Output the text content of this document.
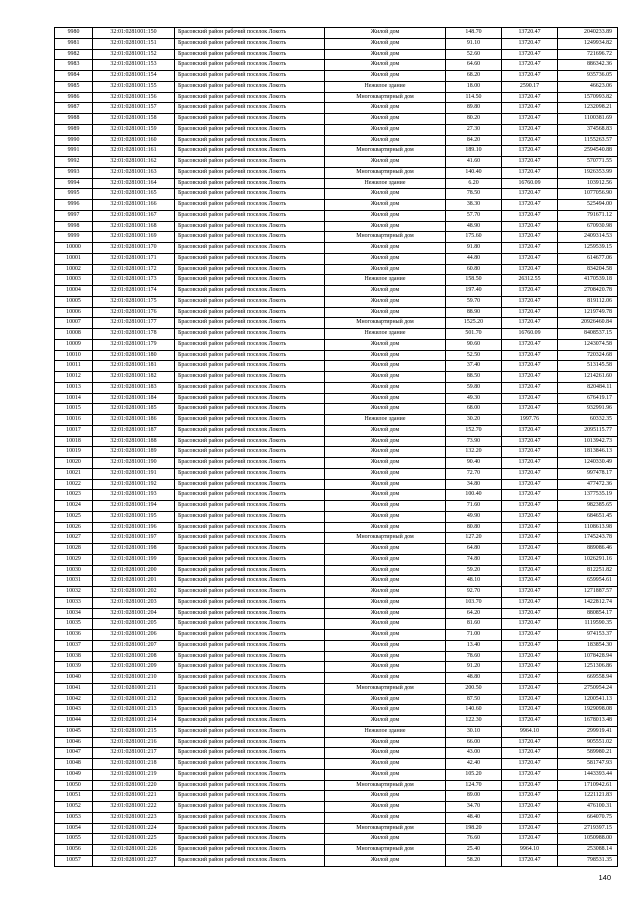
9980	32:01:0281001:150	Брасовский район рабочий поселок Локоть	Жилой дом	148.70	13720.47	2040233.89
9981	32:01:0281001:151	Брасовский район рабочий поселок Локоть	Жилой дом	91.10	13720.47	1249934.82
9982	32:01:0281001:152	Брасовский район рабочий поселок Локоть	Жилой дом	52.60	13720.47	721696.72
9983	32:01:0281001:153	Брасовский район рабочий поселок Локоть	Жилой дом	64.60	13720.47	886342.36
9984	32:01:0281001:154	Брасовский район рабочий поселок Локоть	Жилой дом	68.20	13720.47	935736.05
9985	32:01:0281001:155	Брасовский район рабочий поселок Локоть	Нежилое здание	18.00	2590.17	46623.06
9986	32:01:0281001:156	Брасовский район рабочий поселок Локоть	Многоквартирный дом	114.50	13720.47	1570993.82
9987	32:01:0281001:157	Брасовский район рабочий поселок Локоть	Жилой дом	89.80	13720.47	1232098.21
9988	32:01:0281001:158	Брасовский район рабочий поселок Локоть	Жилой дом	80.20	13720.47	1100381.69
9989	32:01:0281001:159	Брасовский район рабочий поселок Локоть	Жилой дом	27.30	13720.47	374568.83
9990	32:01:0281001:160	Брасовский район рабочий поселок Локоть	Жилой дом	84.20	13720.47	1155263.57
9991	32:01:0281001:161	Брасовский район рабочий поселок Локоть	Многоквартирный дом	189.10	13720.47	2594540.88
9992	32:01:0281001:162	Брасовский район рабочий поселок Локоть	Жилой дом	41.60	13720.47	570771.55
9993	32:01:0281001:163	Брасовский район рабочий поселок Локоть	Многоквартирный дом	140.40	13720.47	1926353.99
9994	32:01:0281001:164	Брасовский район рабочий поселок Локоть	Нежилое здание	6.20	16760.09	103912.56
9995	32:01:0281001:165	Брасовский район рабочий поселок Локоть	Жилой дом	78.50	13720.47	1077056.90
9996	32:01:0281001:166	Брасовский район рабочий поселок Локоть	Жилой дом	38.30	13720.47	525494.00
9997	32:01:0281001:167	Брасовский район рабочий поселок Локоть	Жилой дом	57.70	13720.47	791671.12
9998	32:01:0281001:168	Брасовский район рабочий поселок Локоть	Жилой дом	48.90	13720.47	670930.98
9999	32:01:0281001:169	Брасовский район рабочий поселок Локоть	Многоквартирный дом	175.60	13720.47	2409314.53
10000	32:01:0281001:170	Брасовский район рабочий поселок Локоть	Жилой дом	91.80	13720.47	1259539.15
10001	32:01:0281001:171	Брасовский район рабочий поселок Локоть	Жилой дом	44.80	13720.47	614677.06
10002	32:01:0281001:172	Брасовский район рабочий поселок Локоть	Жилой дом	60.80	13720.47	834204.58
10003	32:01:0281001:173	Брасовский район рабочий поселок Локоть	Нежилое здание	158.50	26312.55	4170539.18
10004	32:01:0281001:174	Брасовский район рабочий поселок Локоть	Жилой дом	197.40	13720.47	2708420.78
10005	32:01:0281001:175	Брасовский район рабочий поселок Локоть	Жилой дом	59.70	13720.47	819112.06
10006	32:01:0281001:176	Брасовский район рабочий поселок Локоть	Жилой дом	88.90	13720.47	1219749.78
10007	32:01:0281001:177	Брасовский район рабочий поселок Локоть	Многоквартирный дом	1525.20	13720.47	20926460.84
10008	32:01:0281001:178	Брасовский район рабочий поселок Локоть	Нежилое здание	501.70	16760.09	8408537.15
10009	32:01:0281001:179	Брасовский район рабочий поселок Локоть	Жилой дом	90.60	13720.47	1243074.58
10010	32:01:0281001:180	Брасовский район рабочий поселок Локоть	Жилой дом	52.50	13720.47	720324.68
10011	32:01:0281001:181	Брасовский район рабочий поселок Локоть	Жилой дом	37.40	13720.47	513145.58
10012	32:01:0281001:182	Брасовский район рабочий поселок Локоть	Жилой дом	88.50	13720.47	1214261.60
10013	32:01:0281001:183	Брасовский район рабочий поселок Локоть	Жилой дом	59.80	13720.47	820484.11
10014	32:01:0281001:184	Брасовский район рабочий поселок Локоть	Жилой дом	49.30	13720.47	676419.17
10015	32:01:0281001:185	Брасовский район рабочий поселок Локоть	Жилой дом	68.00	13720.47	932991.96
10016	32:01:0281001:186	Брасовский район рабочий поселок Локоть	Нежилое здание	30.20	1997.76	60332.35
10017	32:01:0281001:187	Брасовский район рабочий поселок Локоть	Жилой дом	152.70	13720.47	2095115.77
10018	32:01:0281001:188	Брасовский район рабочий поселок Локоть	Жилой дом	73.90	13720.47	1013942.73
10019	32:01:0281001:189	Брасовский район рабочий поселок Локоть	Жилой дом	132.20	13720.47	1813846.13
10020	32:01:0281001:190	Брасовский район рабочий поселок Локоть	Жилой дом	90.40	13720.47	1240330.49
10021	32:01:0281001:191	Брасовский район рабочий поселок Локоть	Жилой дом	72.70	13720.47	997478.17
10022	32:01:0281001:192	Брасовский район рабочий поселок Локоть	Жилой дом	34.80	13720.47	477472.36
10023	32:01:0281001:193	Брасовский район рабочий поселок Локоть	Жилой дом	100.40	13720.47	1377535.19
10024	32:01:0281001:194	Брасовский район рабочий поселок Локоть	Жилой дом	71.60	13720.47	982385.65
10025	32:01:0281001:195	Брасовский район рабочий поселок Локоть	Жилой дом	49.90	13720.47	684651.45
10026	32:01:0281001:196	Брасовский район рабочий поселок Локоть	Жилой дом	80.80	13720.47	1108613.98
10027	32:01:0281001:197	Брасовский район рабочий поселок Локоть	Многоквартирный дом	127.20	13720.47	1745243.78
10028	32:01:0281001:198	Брасовский район рабочий поселок Локоть	Жилой дом	64.80	13720.47	889086.46
10029	32:01:0281001:199	Брасовский район рабочий поселок Локоть	Жилой дом	74.80	13720.47	1026291.16
10030	32:01:0281001:200	Брасовский район рабочий поселок Локоть	Жилой дом	59.20	13720.47	812251.82
10031	32:01:0281001:201	Брасовский район рабочий поселок Локоть	Жилой дом	48.10	13720.47	659954.61
10032	32:01:0281001:202	Брасовский район рабочий поселок Локоть	Жилой дом	92.70	13720.47	1271887.57
10033	32:01:0281001:203	Брасовский район рабочий поселок Локоть	Жилой дом	103.70	13720.47	1422812.74
10034	32:01:0281001:204	Брасовский район рабочий поселок Локоть	Жилой дом	64.20	13720.47	880854.17
10035	32:01:0281001:205	Брасовский район рабочий поселок Локоть	Жилой дом	81.60	13720.47	1119590.35
10036	32:01:0281001:206	Брасовский район рабочий поселок Локоть	Жилой дом	71.00	13720.47	974153.37
10037	32:01:0281001:207	Брасовский район рабочий поселок Локоть	Жилой дом	13.40	13720.47	183854.30
10038	32:01:0281001:208	Брасовский район рабочий поселок Локоть	Жилой дом	78.60	13720.47	1078428.94
10039	32:01:0281001:209	Брасовский район рабочий поселок Локоть	Жилой дом	91.20	13720.47	1251306.86
10040	32:01:0281001:210	Брасовский район рабочий поселок Локоть	Жилой дом	48.80	13720.47	669558.94
10041	32:01:0281001:211	Брасовский район рабочий поселок Локоть	Многоквартирный дом	200.50	13720.47	2750954.24
10042	32:01:0281001:212	Брасовский район рабочий поселок Локоть	Жилой дом	87.50	13720.47	1200541.13
10043	32:01:0281001:213	Брасовский район рабочий поселок Локоть	Жилой дом	140.60	13720.47	1929098.08
10044	32:01:0281001:214	Брасовский район рабочий поселок Локоть	Жилой дом	122.30	13720.47	1678013.48
10045	32:01:0281001:215	Брасовский район рабочий поселок Локоть	Нежилое здание	30.10	9964.10	299919.41
10046	32:01:0281001:216	Брасовский район рабочий поселок Локоть	Жилой дом	66.00	13720.47	905551.02
10047	32:01:0281001:217	Брасовский район рабочий поселок Локоть	Жилой дом	43.00	13720.47	589980.21
10048	32:01:0281001:218	Брасовский район рабочий поселок Локоть	Жилой дом	42.40	13720.47	581747.93
10049	32:01:0281001:219	Брасовский район рабочий поселок Локоть	Жилой дом	105.20	13720.47	1443393.44
10050	32:01:0281001:220	Брасовский район рабочий поселок Локоть	Многоквартирный дом	124.70	13720.47	1710942.61
10051	32:01:0281001:221	Брасовский район рабочий поселок Локоть	Жилой дом	89.00	13720.47	1221121.83
10052	32:01:0281001:222	Брасовский район рабочий поселок Локоть	Жилой дом	34.70	13720.47	476100.31
10053	32:01:0281001:223	Брасовский район рабочий поселок Локоть	Жилой дом	48.40	13720.47	664070.75
10054	32:01:0281001:224	Брасовский район рабочий поселок Локоть	Многоквартирный дом	198.20	13720.47	2719397.15
10055	32:01:0281001:225	Брасовский район рабочий поселок Локоть	Жилой дом	76.60	13720.47	1050988.00
10056	32:01:0281001:226	Брасовский район рабочий поселок Локоть	Многоквартирный дом	25.40	9964.10	253088.14
10057	32:01:0281001:227	Брасовский район рабочий поселок Локоть	Жилой дом	58.20	13720.47	798531.35
140
